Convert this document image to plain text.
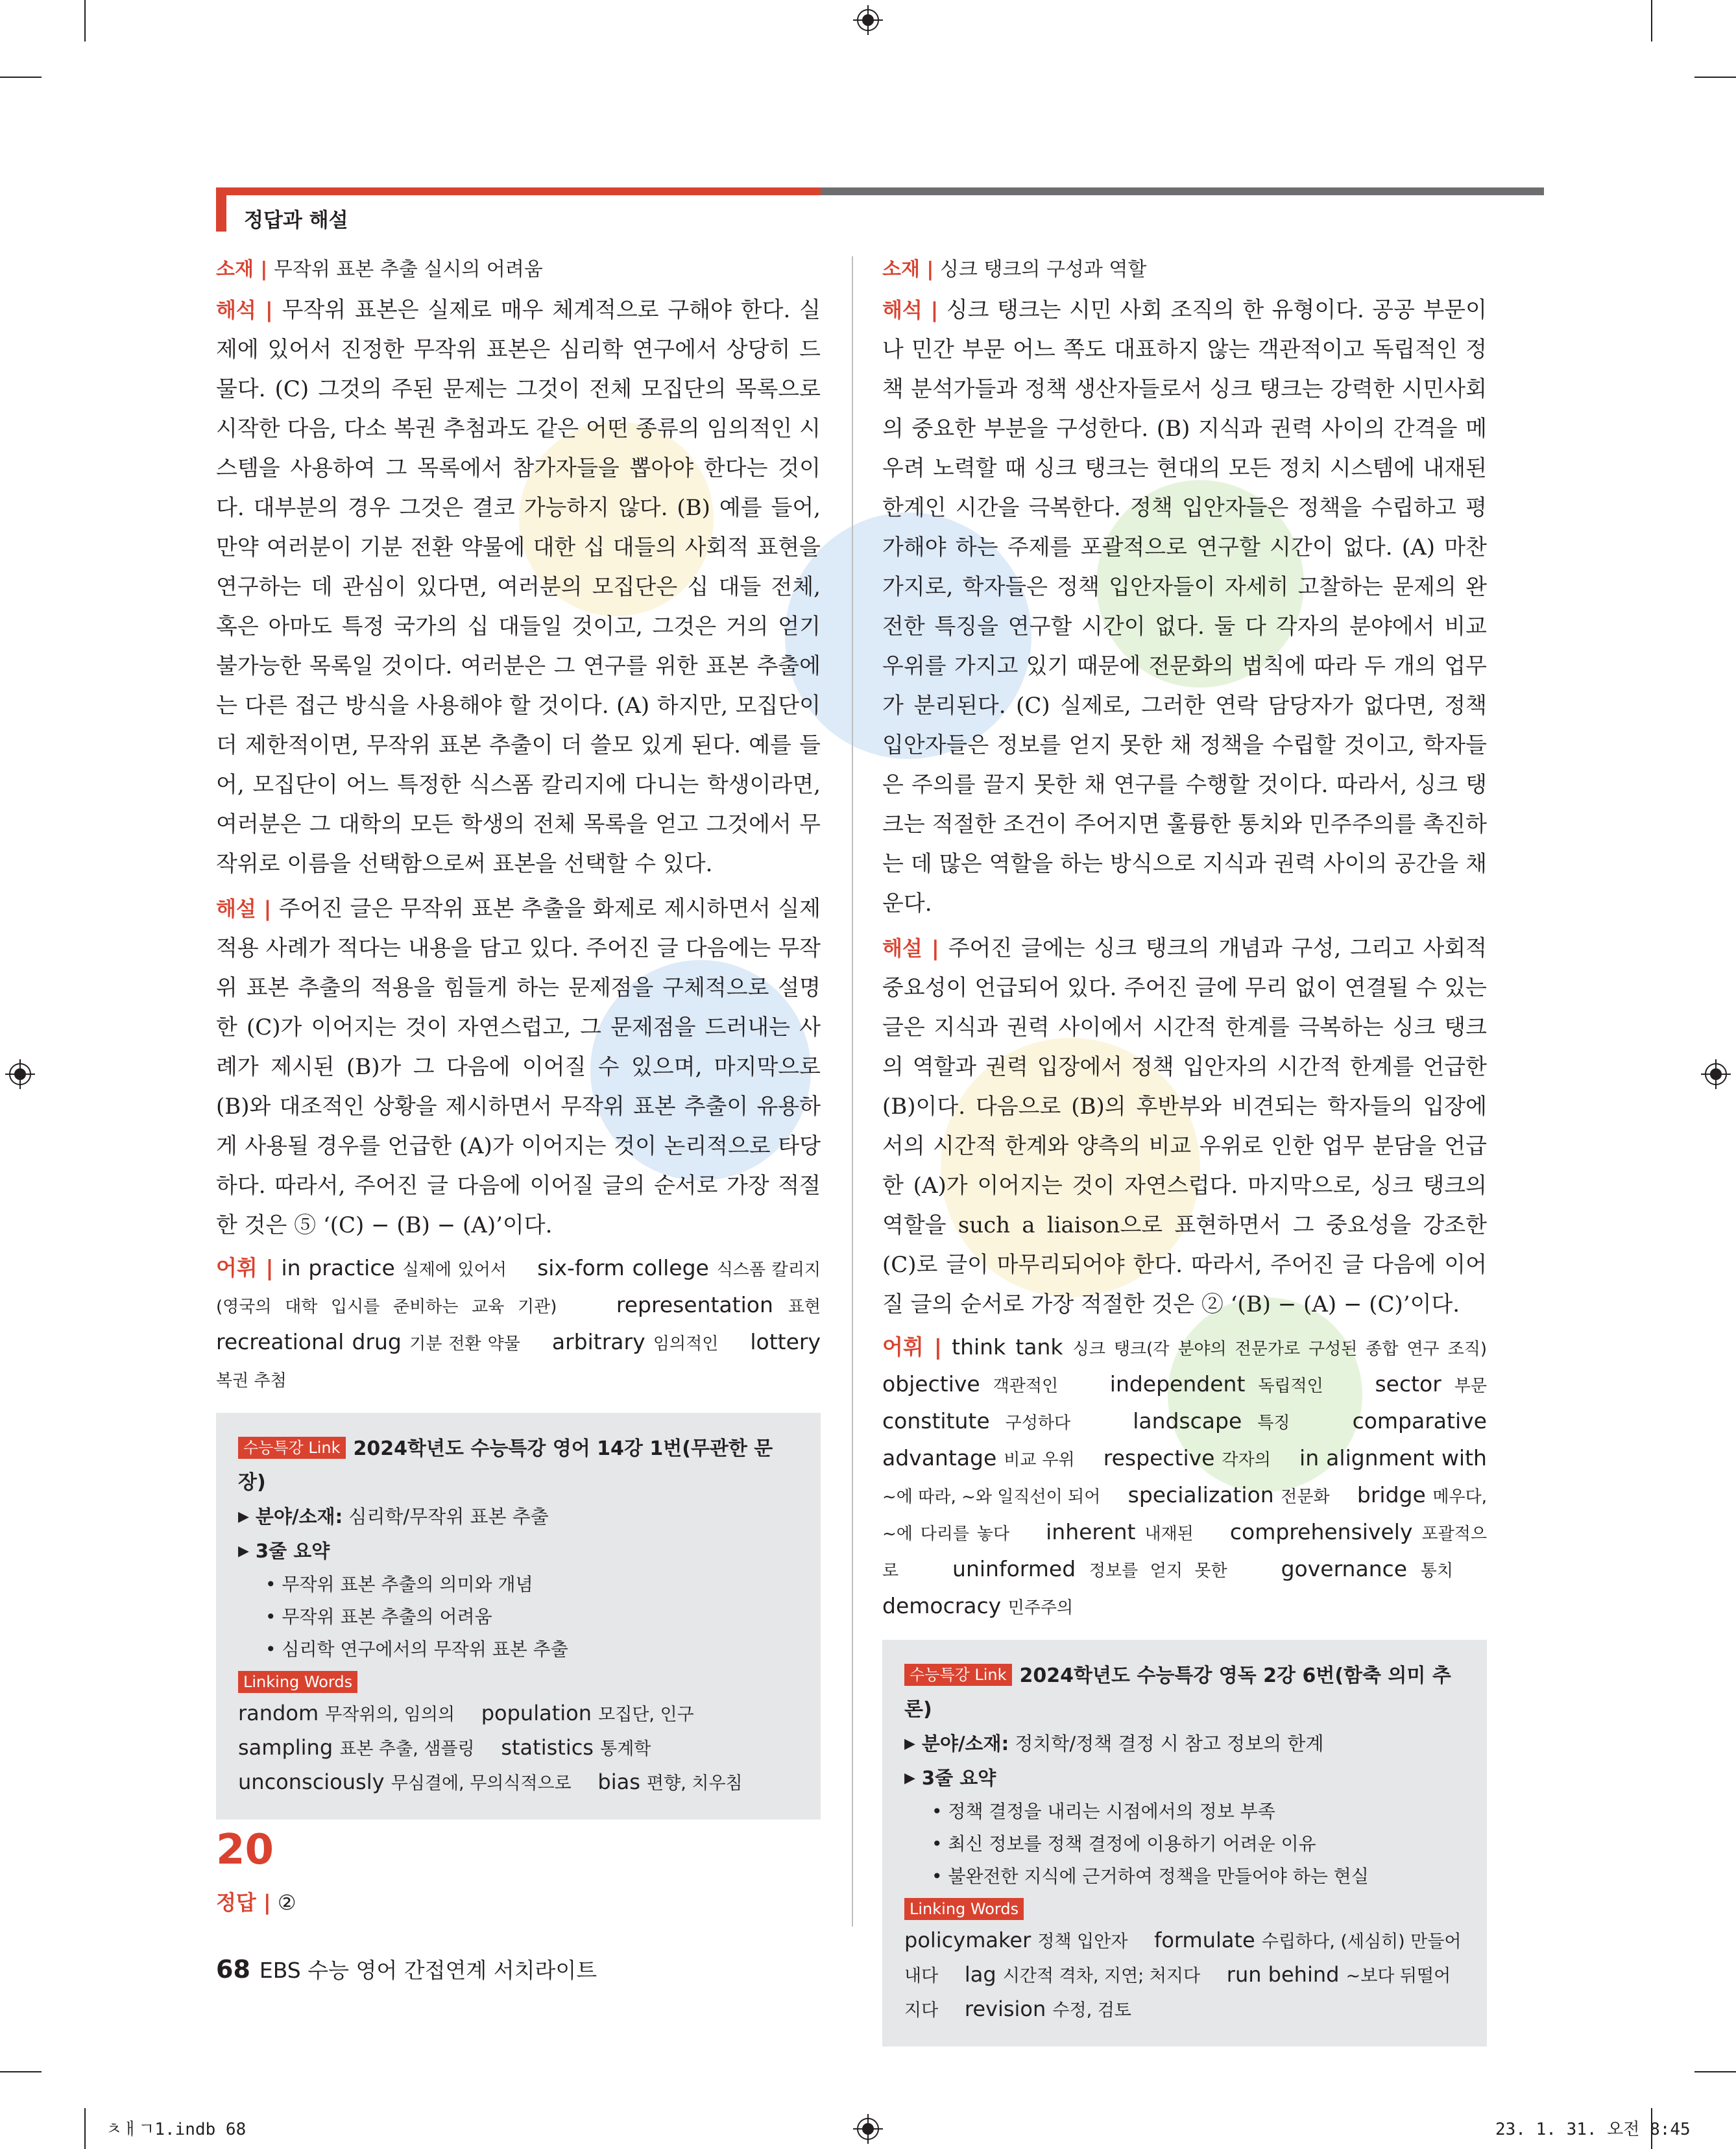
정답과 해설
소재 | 무작위 표본 추출 실시의 어려움
해석 | 무작위 표본은 실제로 매우 체계적으로 구해야 한다. 실제에 있어서 진정한 무작위 표본은 심리학 연구에서 상당히 드물다. (C) 그것의 주된 문제는 그것이 전체 모집단의 목록으로 시작한 다음, 다소 복권 추첨과도 같은 어떤 종류의 임의적인 시스템을 사용하여 그 목록에서 참가자들을 뽑아야 한다는 것이다. 대부분의 경우 그것은 결코 가능하지 않다. (B) 예를 들어, 만약 여러분이 기분 전환 약물에 대한 십 대들의 사회적 표현을 연구하는 데 관심이 있다면, 여러분의 모집단은 십 대들 전체, 혹은 아마도 특정 국가의 십 대들일 것이고, 그것은 거의 얻기 불가능한 목록일 것이다. 여러분은 그 연구를 위한 표본 추출에는 다른 접근 방식을 사용해야 할 것이다. (A) 하지만, 모집단이 더 제한적이면, 무작위 표본 추출이 더 쓸모 있게 된다. 예를 들어, 모집단이 어느 특정한 식스폼 칼리지에 다니는 학생이라면, 여러분은 그 대학의 모든 학생의 전체 목록을 얻고 그것에서 무작위로 이름을 선택함으로써 표본을 선택할 수 있다.
해설 | 주어진 글은 무작위 표본 추출을 화제로 제시하면서 실제 적용 사례가 적다는 내용을 담고 있다. 주어진 글 다음에는 무작위 표본 추출의 적용을 힘들게 하는 문제점을 구체적으로 설명한 (C)가 이어지는 것이 자연스럽고, 그 문제점을 드러내는 사례가 제시된 (B)가 그 다음에 이어질 수 있으며, 마지막으로 (B)와 대조적인 상황을 제시하면서 무작위 표본 추출이 유용하게 사용될 경우를 언급한 (A)가 이어지는 것이 논리적으로 타당하다. 따라서, 주어진 글 다음에 이어질 글의 순서로 가장 적절한 것은 ⑤ ‘(C) − (B) − (A)’이다.
어휘 | in practice 실제에 있어서 six-form college 식스폼 칼리지(영국의 대학 입시를 준비하는 교육 기관)	representation 표현 recreational drug 기분 전환 약물 arbitrary 임의적인 lottery 복권 추첨
수능특강 Link 2024학년도 수능특강 영어 14강 1번(무관한 문장)
▶ 분야/소재: 심리학/무작위 표본 추출
▶ 3줄 요약
• 무작위 표본 추출의 의미와 개념
• 무작위 표본 추출의 어려움
• 심리학 연구에서의 무작위 표본 추출
Linking Words
random 무작위의, 임의의 population 모집단, 인구    sampling 표본 추출, 샘플링 statistics 통계학    unconsciously 무심결에, 무의식적으로 bias 편향, 치우침
20
정답 | ②
소재 | 싱크 탱크의 구성과 역할
해석 | 싱크 탱크는 시민 사회 조직의 한 유형이다. 공공 부문이나 민간 부문 어느 쪽도 대표하지 않는 객관적이고 독립적인 정책 분석가들과 정책 생산자들로서 싱크 탱크는 강력한 시민사회의 중요한 부분을 구성한다. (B) 지식과 권력 사이의 간격을 메우려 노력할 때 싱크 탱크는 현대의 모든 정치 시스템에 내재된 한계인 시간을 극복한다. 정책 입안자들은 정책을 수립하고 평가해야 하는 주제를 포괄적으로 연구할 시간이 없다. (A) 마찬가지로, 학자들은 정책 입안자들이 자세히 고찰하는 문제의 완전한 특징을 연구할 시간이 없다. 둘 다 각자의 분야에서 비교 우위를 가지고 있기 때문에 전문화의 법칙에 따라 두 개의 업무가 분리된다. (C) 실제로, 그러한 연락 담당자가 없다면, 정책 입안자들은 정보를 얻지 못한 채 정책을 수립할 것이고, 학자들은 주의를 끌지 못한 채 연구를 수행할 것이다. 따라서, 싱크 탱크는 적절한 조건이 주어지면 훌륭한 통치와 민주주의를 촉진하는 데 많은 역할을 하는 방식으로 지식과 권력 사이의 공간을 채운다.
해설 | 주어진 글에는 싱크 탱크의 개념과 구성, 그리고 사회적 중요성이 언급되어 있다. 주어진 글에 무리 없이 연결될 수 있는 글은 지식과 권력 사이에서 시간적 한계를 극복하는 싱크 탱크의 역할과 권력 입장에서 정책 입안자의 시간적 한계를 언급한 (B)이다. 다음으로 (B)의 후반부와 비견되는 학자들의 입장에서의 시간적 한계와 양측의 비교 우위로 인한 업무 분담을 언급한 (A)가 이어지는 것이 자연스럽다. 마지막으로, 싱크 탱크의 역할을 such a liaison으로 표현하면서 그 중요성을 강조한 (C)로 글이 마무리되어야 한다. 따라서, 주어진 글 다음에 이어질 글의 순서로 가장 적절한 것은 ② ‘(B) − (A) − (C)’이다.
어휘 | think tank 싱크 탱크(각 분야의 전문가로 구성된 종합 연구 조직) objective 객관적인 independent 독립적인 sector 부문 constitute 구성하다	landscape 특징	comparative advantage 비교 우위 respective 각자의 in alignment with ~에 따라, ~와 일직선이 되어 specialization 전문화 bridge 메우다, ~에 다리를 놓다 inherent 내재된 comprehensively 포괄적으로	uninformed 정보를 얻지 못한	governance 통치    democracy 민주주의
수능특강 Link 2024학년도 수능특강 영독 2강 6번(함축 의미 추론)
▶ 분야/소재: 정치학/정책 결정 시 참고 정보의 한계
▶ 3줄 요약
• 정책 결정을 내리는 시점에서의 정보 부족
• 최신 정보를 정책 결정에 이용하기 어려운 이유
• 불완전한 지식에 근거하여 정책을 만들어야 하는 현실
Linking Words
policymaker 정책 입안자 formulate 수립하다, (세심히) 만들어 내다 lag 시간적 격차, 지연; 처지다 run behind ~보다 뒤떨어지다 revision 수정, 검토
68 EBS 수능 영어 간접연계 서치라이트
ㅊㅐㄱ1.indb 68	23. 1. 31. 오전 8:45
